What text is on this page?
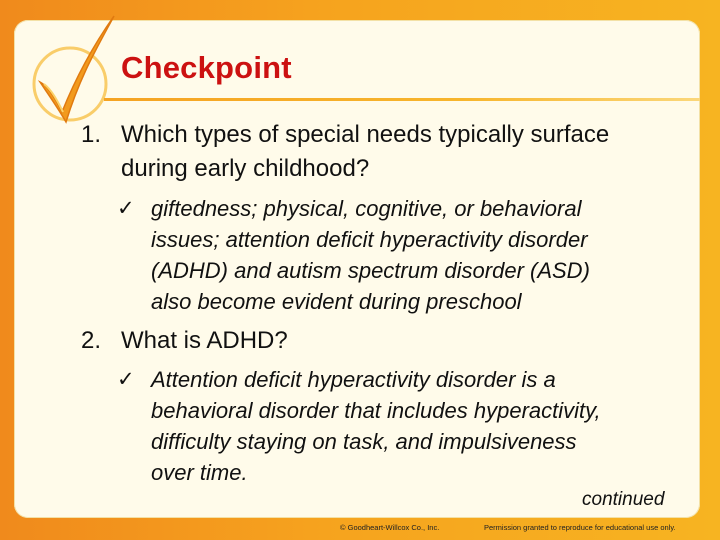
Checkpoint
1. Which types of special needs typically surface
during early childhood?
✓ giftedness; physical, cognitive, or behavioral
issues; attention deficit hyperactivity disorder
(ADHD) and autism spectrum disorder (ASD)
also become evident during preschool
2. What is ADHD?
✓ Attention deficit hyperactivity disorder is a
behavioral disorder that includes hyperactivity,
difficulty staying on task, and impulsiveness
over time.
continued
© Goodheart-Willcox Co., Inc.	Permission granted to reproduce for educational use only.
